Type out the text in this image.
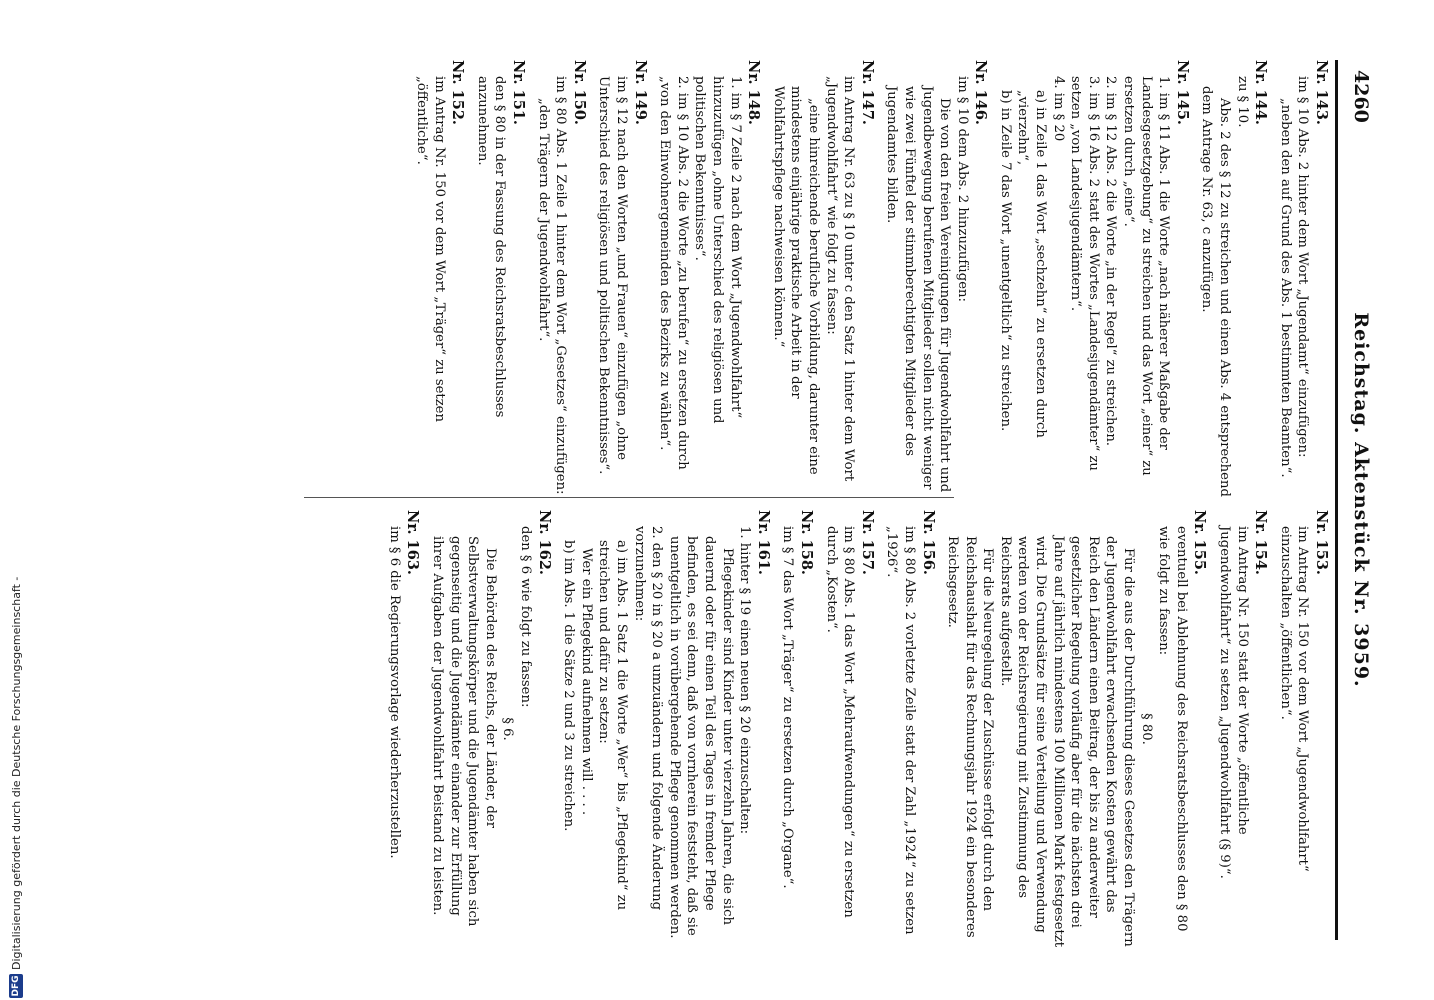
4260
Reichstag. Aktenstück Nr. 3959.
Nr. 143.
im § 10 Abs. 2 hinter dem Wort „Jugendamt“ einzufügen:
„neben den auf Grund des Abs. 1 bestimmten Beamten“.
Nr. 144.
zu § 10.
Abs. 2 des § 12 zu streichen und einen Abs. 4 entsprechend dem Antrage Nr. 63, c anzufügen.
Nr. 145.
1. im § 11 Abs. 1 die Worte „nach näherer Maßgabe der Landesgesetzgebung“ zu streichen und das Wort „einer“ zu ersetzen durch „eine“.
2. im § 12 Abs. 2 die Worte „in der Regel“ zu streichen.
3. im § 16 Abs. 2 statt des Wortes „Landesjugendämter“ zu setzen „von Landesjugendämtern“.
4. im § 20
a) in Zeile 1 das Wort „sechzehn“ zu ersetzen durch „vierzehn“,
b) in Zeile 7 das Wort „unentgeltlich“ zu streichen.
Nr. 146.
im § 10 dem Abs. 2 hinzuzufügen:
Die von den freien Vereinigungen für Jugendwohlfahrt und Jugendbewegung berufenen Mitglieder sollen nicht weniger wie zwei Fünftel der stimmberechtigten Mitglieder des Jugendamtes bilden.
Nr. 147.
im Antrag Nr. 63 zu § 10 unter c den Satz 1 hinter dem Wort „Jugendwohlfahrt“ wie folgt zu fassen:
„eine hinreichende berufliche Vorbildung, darunter eine mindestens einjährige praktische Arbeit in der Wohlfahrtspflege nachweisen können.“
Nr. 148.
1. im § 7 Zeile 2 nach dem Wort „Jugendwohlfahrt“ hinzuzufügen „ohne Unterschied des religiösen und politischen Bekenntnisses“.
2. im § 10 Abs. 2 die Worte „zu berufen“ zu ersetzen durch „von den Einwohnergemeinden des Bezirks zu wählen“.
Nr. 149.
im § 12 nach den Worten „und Frauen“ einzufügen „ohne Unterschied des religiösen und politischen Bekenntnisses“.
Nr. 150.
im § 80 Abs. 1 Zeile 1 hinter dem Wort „Gesetzes“ einzufügen:
„den Trägern der Jugendwohlfahrt“.
Nr. 151.
den § 80 in der Fassung des Reichsratsbeschlusses anzunehmen.
Nr. 152.
im Antrag Nr. 150 vor dem Wort „Träger“ zu setzen „öffentliche“.
Nr. 153.
im Antrag Nr. 150 vor dem Wort „Jugendwohlfahrt“ einzuschalten „öffentlichen“.
Nr. 154.
im Antrag Nr. 150 statt der Worte „öffentliche Jugendwohlfahrt“ zu setzen „Jugendwohlfahrt (§ 9)“.
Nr. 155.
eventuell bei Ablehnung des Reichsratsbeschlusses den § 80 wie folgt zu fassen:
§ 80.
Für die aus der Durchführung dieses Gesetzes den Trägern der Jugendwohlfahrt erwachsenden Kosten gewährt das Reich den Ländern einen Beitrag, der bis zu anderweiter gesetzlicher Regelung vorläufig aber für die nächsten drei Jahre auf jährlich mindestens 100 Millionen Mark festgesetzt wird. Die Grundsätze für seine Verteilung und Verwendung werden von der Reichsregierung mit Zustimmung des Reichsrats aufgestellt.
Für die Neuregelung der Zuschüsse erfolgt durch den Reichshaushalt für das Rechnungsjahr 1924 ein besonderes Reichsgesetz.
Nr. 156.
im § 80 Abs. 2 vorletzte Zeile statt der Zahl „1924“ zu setzen „1926“.
Nr. 157.
im § 80 Abs. 1 das Wort „Mehraufwendungen“ zu ersetzen durch „Kosten“.
Nr. 158.
im § 7 das Wort „Träger“ zu ersetzen durch „Organe“.
Nr. 161.
1. hinter § 19 einen neuen § 20 einzuschalten:
Pflegekinder sind Kinder unter vierzehn Jahren, die sich dauernd oder für einen Teil des Tages in fremder Pflege befinden, es sei denn, daß von vornherein feststeht, daß sie unentgeltlich in vorübergehende Pflege genommen werden.
2. den § 20 in § 20 a umzuändern und folgende Änderung vorzunehmen:
a) im Abs. 1 Satz 1 die Worte „Wer“ bis „Pflegekind“ zu streichen und dafür zu setzen:
Wer ein Pflegekind aufnehmen will . . . .
b) im Abs. 1 die Sätze 2 und 3 zu streichen.
Nr. 162.
den § 6 wie folgt zu fassen:
§ 6.
Die Behörden des Reichs, der Länder, der Selbstverwaltungskörper und die Jugendämter haben sich gegenseitig und die Jugendämter einander zur Erfüllung ihrer Aufgaben der Jugendwohlfahrt Beistand zu leisten.
Nr. 163.
im § 6 die Regierungsvorlage wiederherzustellen.
DFG
Digitalisierung gefördert durch die Deutsche Forschungsgemeinschaft -
